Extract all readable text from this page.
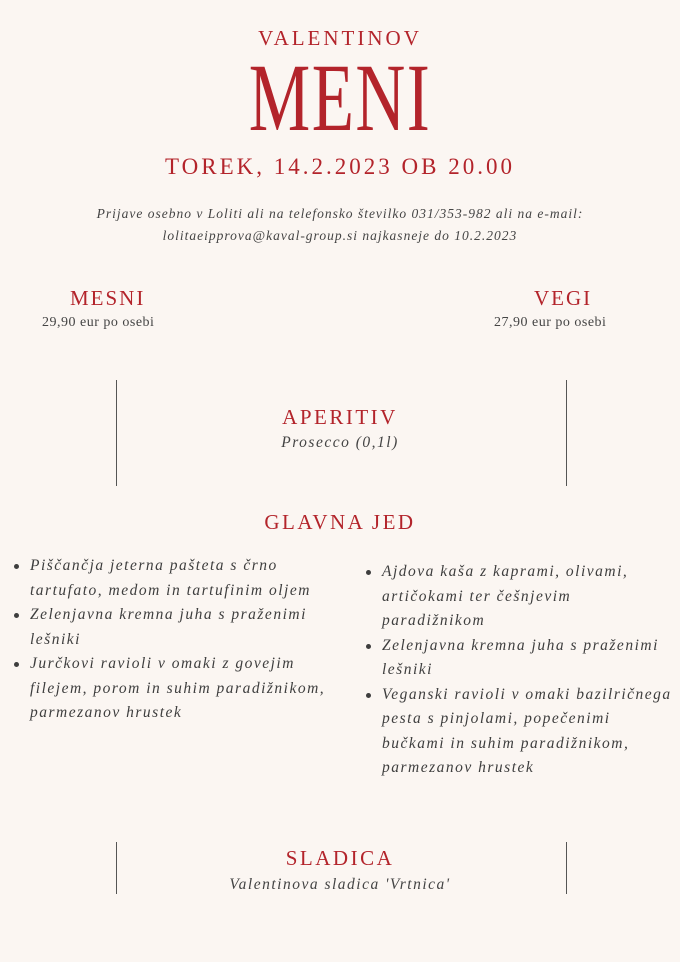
VALENTINOV
MENI
TOREK, 14.2.2023 OB 20.00
Prijave osebno v Loliti ali na telefonsko številko 031/353-982 ali na e-mail:
lolitaeipprova@kaval-group.si najkasneje do 10.2.2023
MESNI
29,90 eur po osebi
VEGI
27,90 eur po osebi
APERITIV
Prosecco (0,1l)
GLAVNA JED
Piščančja jeterna pašteta s črno tartufato, medom in tartufinim oljem
Zelenjavna kremna juha s praženimi lešniki
Jurčkovi ravioli v omaki z govejim filejem, porom in suhim paradižnikom, parmezanov hrustek
Ajdova kaša z kaprami, olivami, artičokami ter češnjevim paradižnikom
Zelenjavna kremna juha s praženimi lešniki
Veganski ravioli v omaki bazilričnega pesta s pinjolami, popečenimi bučkami in suhim paradižnikom, parmezanov hrustek
SLADICA
Valentinova sladica 'Vrtnica'
